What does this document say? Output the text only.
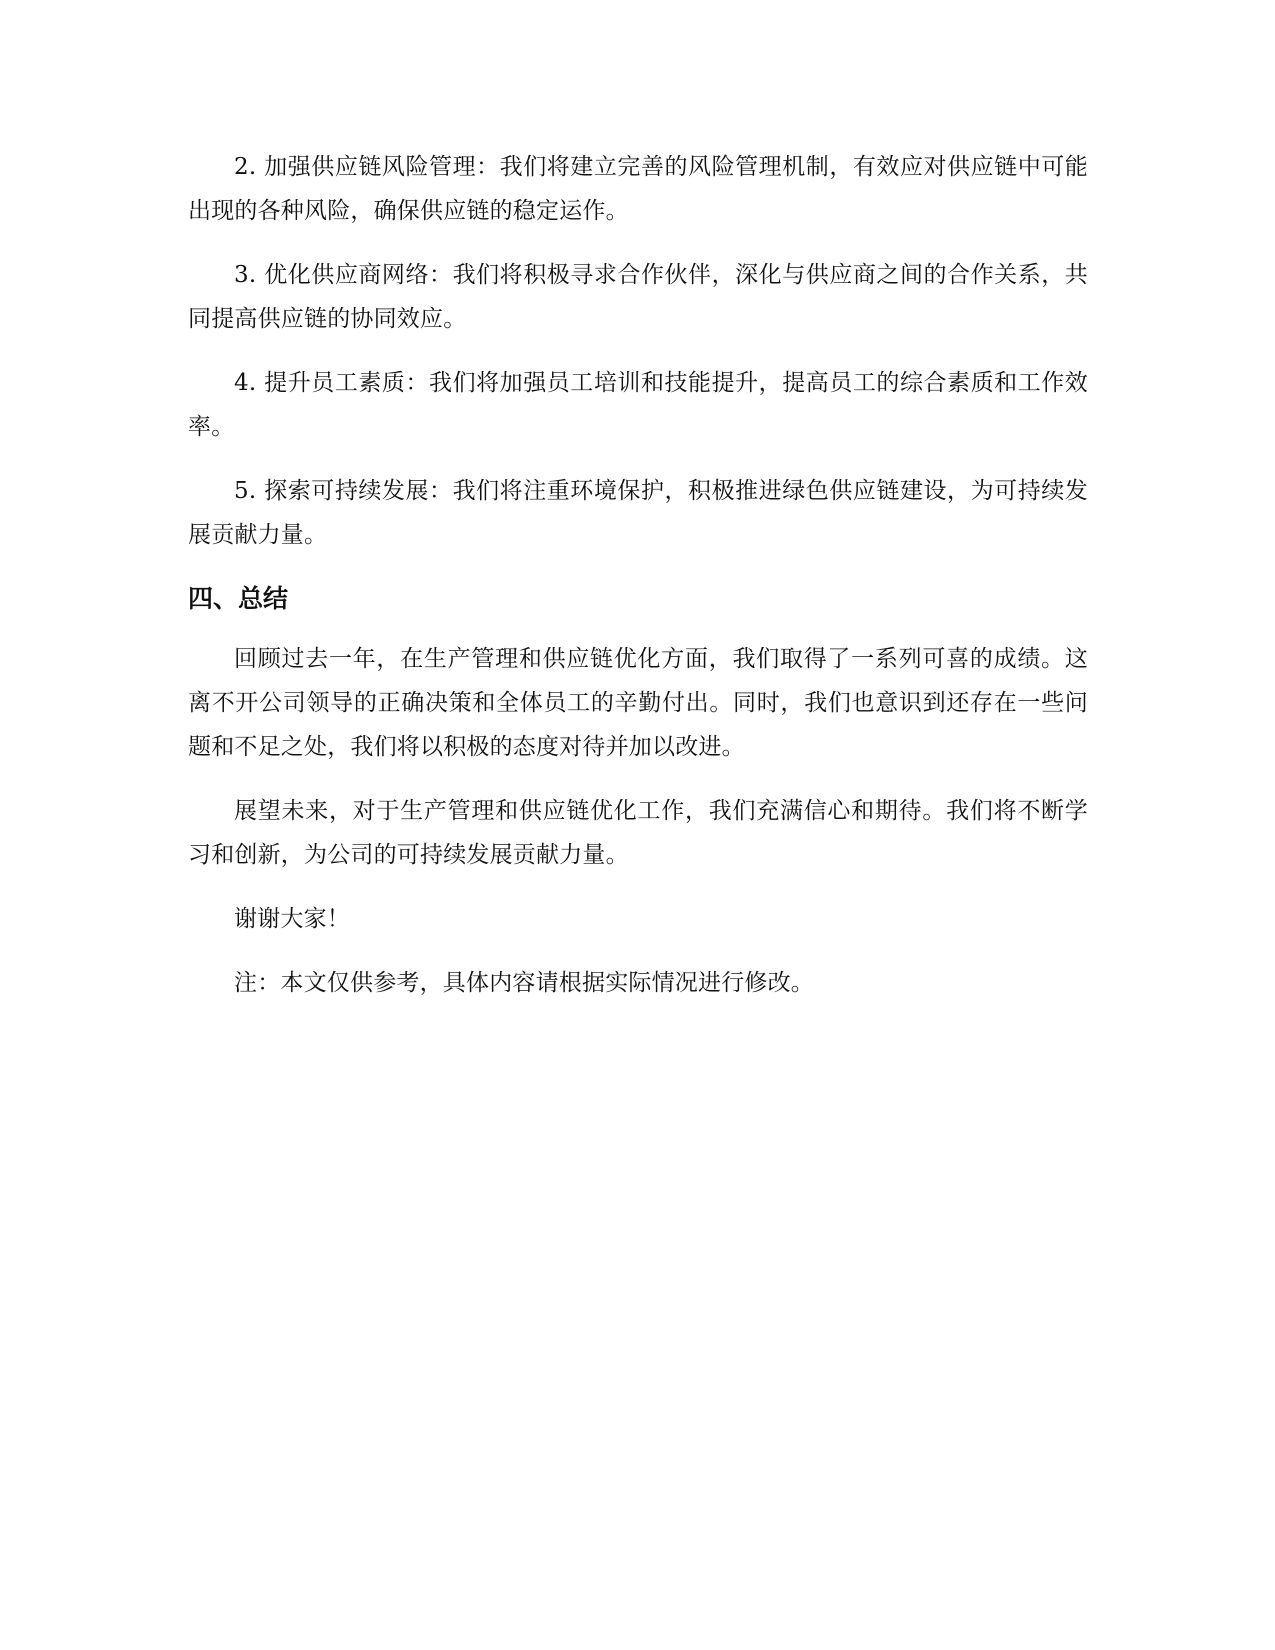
2. 加强供应链风险管理：我们将建立完善的风险管理机制，有效应对供应链中可能出现的各种风险，确保供应链的稳定运作。

3. 优化供应商网络：我们将积极寻求合作伙伴，深化与供应商之间的合作关系，共同提高供应链的协同效应。

4. 提升员工素质：我们将加强员工培训和技能提升，提高员工的综合素质和工作效率。

5. 探索可持续发展：我们将注重环境保护，积极推进绿色供应链建设，为可持续发展贡献力量。

四、总结

回顾过去一年，在生产管理和供应链优化方面，我们取得了一系列可喜的成绩。这离不开公司领导的正确决策和全体员工的辛勤付出。同时，我们也意识到还存在一些问题和不足之处，我们将以积极的态度对待并加以改进。

展望未来，对于生产管理和供应链优化工作，我们充满信心和期待。我们将不断学习和创新，为公司的可持续发展贡献力量。

谢谢大家！

注：本文仅供参考，具体内容请根据实际情况进行修改。
